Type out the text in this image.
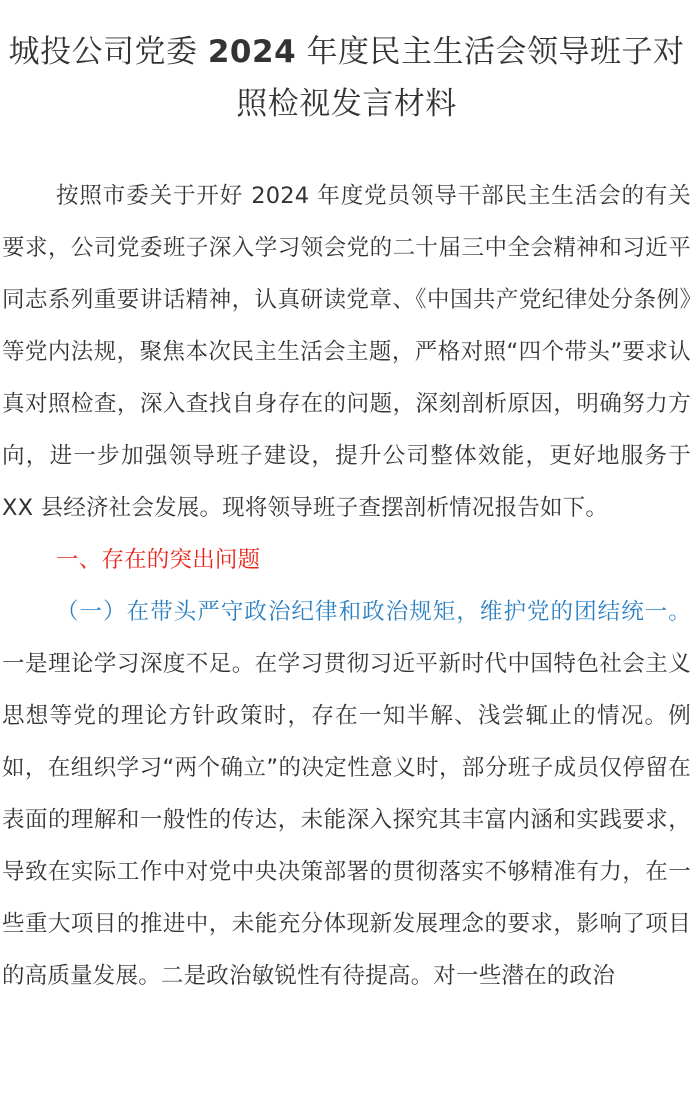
城投公司党委 2024 年度民主生活会领导班子对照检视发言材料

按照市委关于开好 2024 年度党员领导干部民主生活会的有关要求，公司党委班子深入学习领会党的二十届三中全会精神和习近平同志系列重要讲话精神，认真研读党章、《中国共产党纪律处分条例》等党内法规，聚焦本次民主生活会主题，严格对照“四个带头”要求认真对照检查，深入查找自身存在的问题，深刻剖析原因，明确努力方向，进一步加强领导班子建设，提升公司整体效能，更好地服务于 XX 县经济社会发展。现将领导班子查摆剖析情况报告如下。

一、存在的突出问题

（一）在带头严守政治纪律和政治规矩，维护党的团结统一。一是理论学习深度不足。在学习贯彻习近平新时代中国特色社会主义思想等党的理论方针政策时，存在一知半解、浅尝辄止的情况。例如，在组织学习“两个确立”的决定性意义时，部分班子成员仅停留在表面的理解和一般性的传达，未能深入探究其丰富内涵和实践要求，导致在实际工作中对党中央决策部署的贯彻落实不够精准有力，在一些重大项目的推进中，未能充分体现新发展理念的要求，影响了项目的高质量发展。二是政治敏锐性有待提高。对一些潜在的政治
